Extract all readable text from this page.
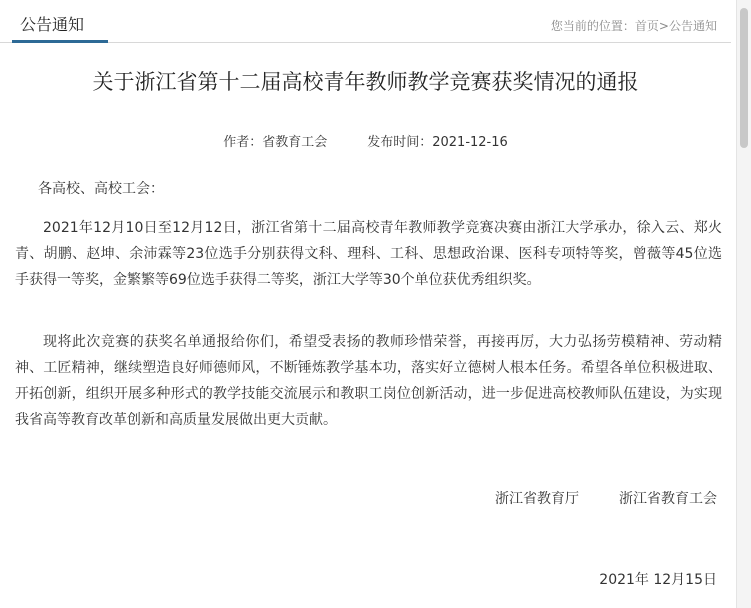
公告通知	您当前的位置：首页>公告通知
关于浙江省第十二届高校青年教师教学竞赛获奖情况的通报
作者：省教育工会	发布时间：2021-12-16
各高校、高校工会：
2021年12月10日至12月12日，浙江省第十二届高校青年教师教学竞赛决赛由浙江大学承办，徐入云、郑火青、胡鹏、赵坤、余沛霖等23位选手分别获得文科、理科、工科、思想政治课、医科专项特等奖，曾薇等45位选手获得一等奖，金繁繁等69位选手获得二等奖，浙江大学等30个单位获优秀组织奖。
现将此次竞赛的获奖名单通报给你们，希望受表扬的教师珍惜荣誉，再接再厉，大力弘扬劳模精神、劳动精神、工匠精神，继续塑造良好师德师风，不断锤炼教学基本功，落实好立德树人根本任务。希望各单位积极进取、开拓创新，组织开展多种形式的教学技能交流展示和教职工岗位创新活动，进一步促进高校教师队伍建设，为实现我省高等教育改革创新和高质量发展做出更大贡献。
浙江省教育厅	浙江省教育工会
2021年 12月15日
